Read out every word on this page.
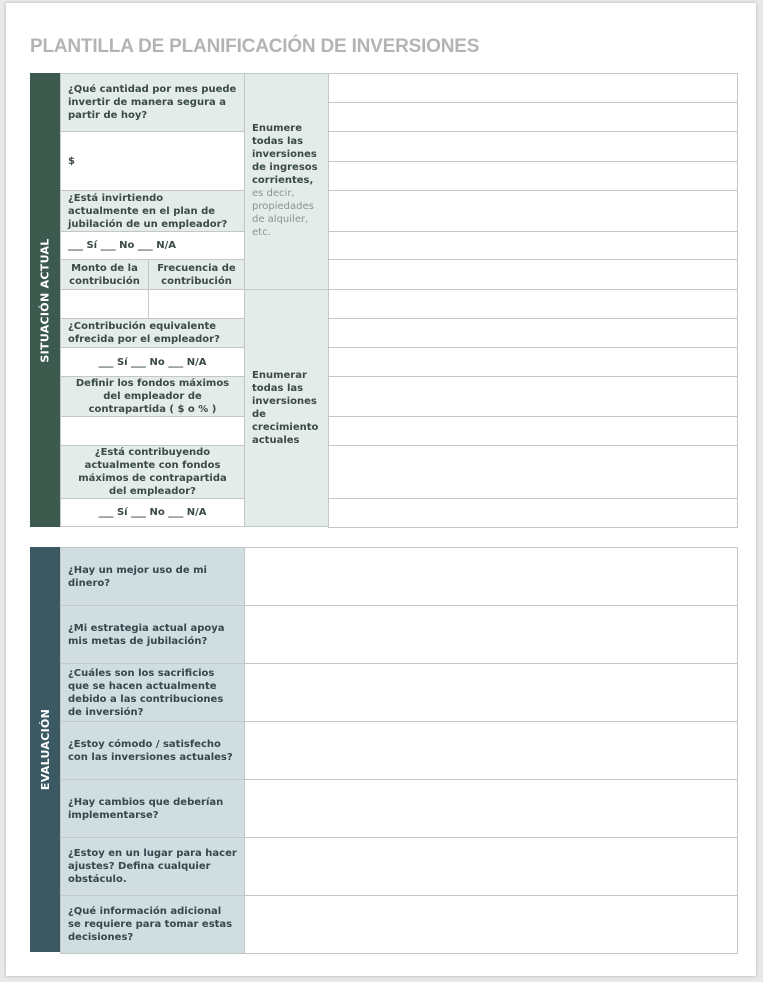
PLANTILLA DE PLANIFICACIÓN DE INVERSIONES
SITUACIÓN ACTUAL
¿Qué cantidad por mes puede invertir de manera segura a partir de hoy?
$
¿Está invirtiendo actualmente en el plan de jubilación de un empleador?
___ Sí ___ No ___ N/A
Monto de la contribución
Frecuencia de contribución
¿Contribución equivalente ofrecida por el empleador?
___ Sí ___ No ___ N/A
Definir los fondos máximos del empleador de contrapartida ( $ o % )
¿Está contribuyendo actualmente con fondos máximos de contrapartida del empleador?
___ Sí ___ No ___ N/A
Enumere todas las inversiones de ingresos corrientes, es decir, propiedades de alquiler, etc.
Enumerar todas las inversiones de crecimiento actuales
EVALUACIÓN
¿Hay un mejor uso de mi dinero?
¿Mi estrategia actual apoya mis metas de jubilación?
¿Cuáles son los sacrificios que se hacen actualmente debido a las contribuciones de inversión?
¿Estoy cómodo / satisfecho con las inversiones actuales?
¿Hay cambios que deberían implementarse?
¿Estoy en un lugar para hacer ajustes? Defina cualquier obstáculo.
¿Qué información adicional se requiere para tomar estas decisiones?
